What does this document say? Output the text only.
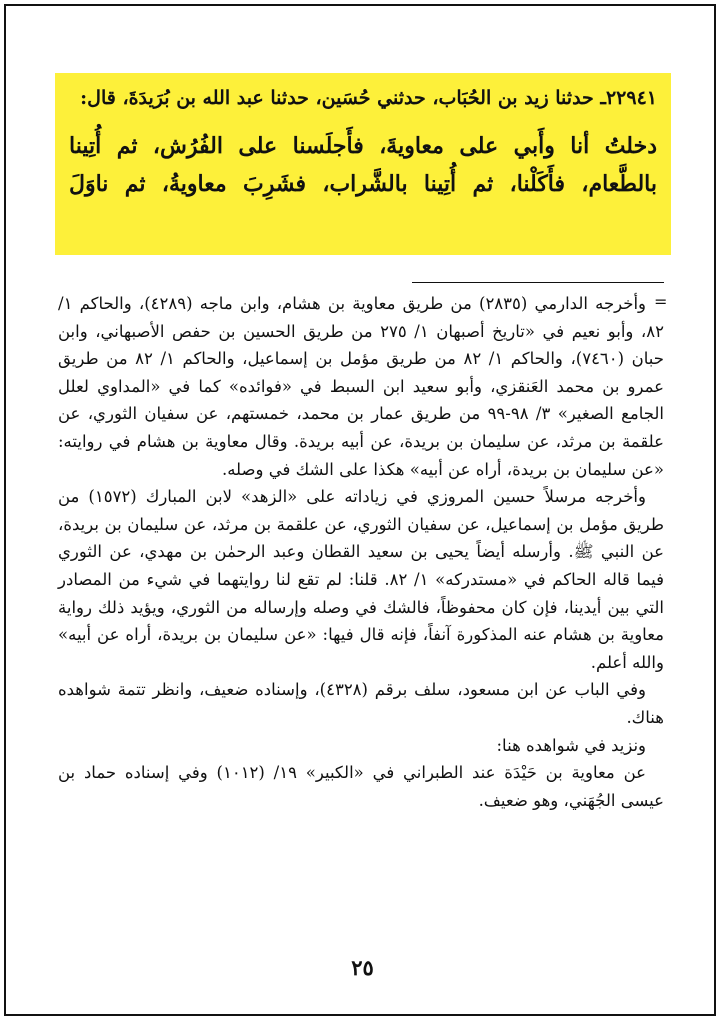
٢٢٩٤١ـ حدثنا زيد بن الحُبَاب، حدثني حُسَين، حدثنا عبد الله بن بُرَيدَةَ، قال:
دخلتُ أنا وأَبي على معاويةَ، فأَجلَسنا على الفُرُش، ثم أُتِينا بالطَّعام، فأَكَلْنا، ثم أُتِينا بالشَّراب، فشَرِبَ معاويةُ، ثم ناوَلَ
=

وأخرجه الدارمي (٢٨٣٥) من طريق معاوية بن هشام، وابن ماجه (٤٢٨٩)، والحاكم ١/ ٨٢، وأبو نعيم في «تاريخ أصبهان ١/ ٢٧٥ من طريق الحسين بن حفص الأصبهاني، وابن حبان (٧٤٦٠)، والحاكم ١/ ٨٢ من طريق مؤمل بن إسماعيل، والحاكم ١/ ٨٢ من طريق عمرو بن محمد العَنقزي، وأبو سعيد ابن السبط في «فوائده» كما في «المداوي لعلل الجامع الصغير» ٣/ ٩٨-٩٩ من طريق عمار بن محمد، خمستهم، عن سفيان الثوري، عن علقمة بن مرثد، عن سليمان بن بريدة، عن أبيه بريدة. وقال معاوية بن هشام في روايته: «عن سليمان بن بريدة، أراه عن أبيه» هكذا على الشك في وصله.

وأخرجه مرسلاً حسين المروزي في زياداته على «الزهد» لابن المبارك (١٥٧٢) من طريق مؤمل بن إسماعيل، عن سفيان الثوري، عن علقمة بن مرثد، عن سليمان بن بريدة، عن النبي ﷺ. وأرسله أيضاً يحيى بن سعيد القطان وعبد الرحمٰن بن مهدي، عن الثوري فيما قاله الحاكم في «مستدركه» ١/ ٨٢. قلنا: لم تقع لنا روايتهما في شيء من المصادر التي بين أيدينا، فإن كان محفوظاً، فالشك في وصله وإرساله من الثوري، ويؤيد ذلك رواية معاوية بن هشام عنه المذكورة آنفاً، فإنه قال فيها: «عن سليمان بن بريدة، أراه عن أبيه» والله أعلم.

وفي الباب عن ابن مسعود، سلف برقم (٤٣٢٨)، وإسناده ضعيف، وانظر تتمة شواهده هناك.

ونزيد في شواهده هنا:

عن معاوية بن حَيْدَة عند الطبراني في «الكبير» ١٩/ (١٠١٢) وفي إسناده حماد بن عيسى الجُهَني، وهو ضعيف.

٢٥
